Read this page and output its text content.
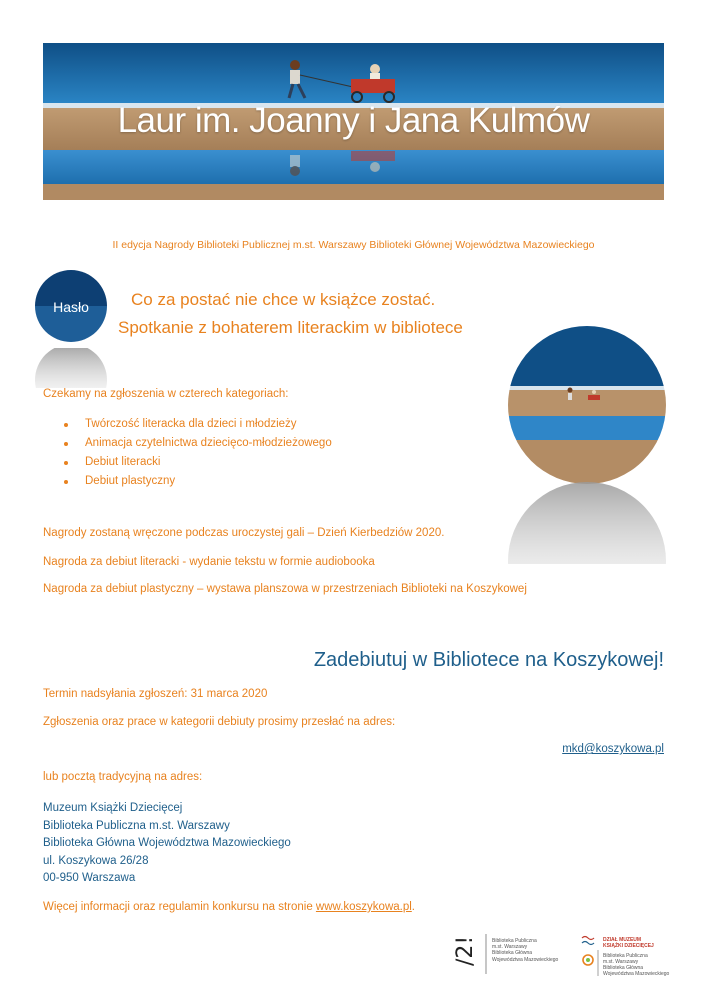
Laur im. Joanny i Jana Kulmów
II edycja Nagrody Biblioteki Publicznej m.st. Warszawy Biblioteki Głównej Województwa Mazowieckiego
Hasło	Co za postać nie chce w książce zostać.
Spotkanie z bohaterem literackim w bibliotece
Czekamy na zgłoszenia w czterech kategoriach:
Twórczość literacka dla dzieci i młodzieży
Animacja czytelnictwa dziecięco-młodzieżowego
Debiut literacki
Debiut plastyczny
Nagrody zostaną wręczone podczas uroczystej gali – Dzień Kierbedziów 2020.
Nagroda za debiut literacki - wydanie tekstu w formie audiobooka
Nagroda za debiut plastyczny – wystawa planszowa w przestrzeniach Biblioteki na Koszykowej
Zadebiutuj w Bibliotece na Koszykowej!
Termin nadsyłania zgłoszeń: 31 marca 2020
Zgłoszenia oraz prace w kategorii debiuty prosimy przesłać na adres:
mkd@koszykowa.pl
lub pocztą tradycyjną na adres:
Muzeum Książki Dziecięcej
Biblioteka Publiczna m.st. Warszawy
Biblioteka Główna Województwa Mazowieckiego
ul. Koszykowa 26/28
00-950 Warszawa
Więcej informacji oraz regulamin konkursu na stronie www.koszykowa.pl.
/2!	Biblioteka Publiczna
m.st. Warszawy
Biblioteka Główna
Województwa Mazowieckiego
DZIAŁ MUZEUM
KSIĄŻKI DZIECIĘCEJ
Biblioteka Publiczna
m.st. Warszawy
Biblioteka Główna
Województwa Mazowieckiego
